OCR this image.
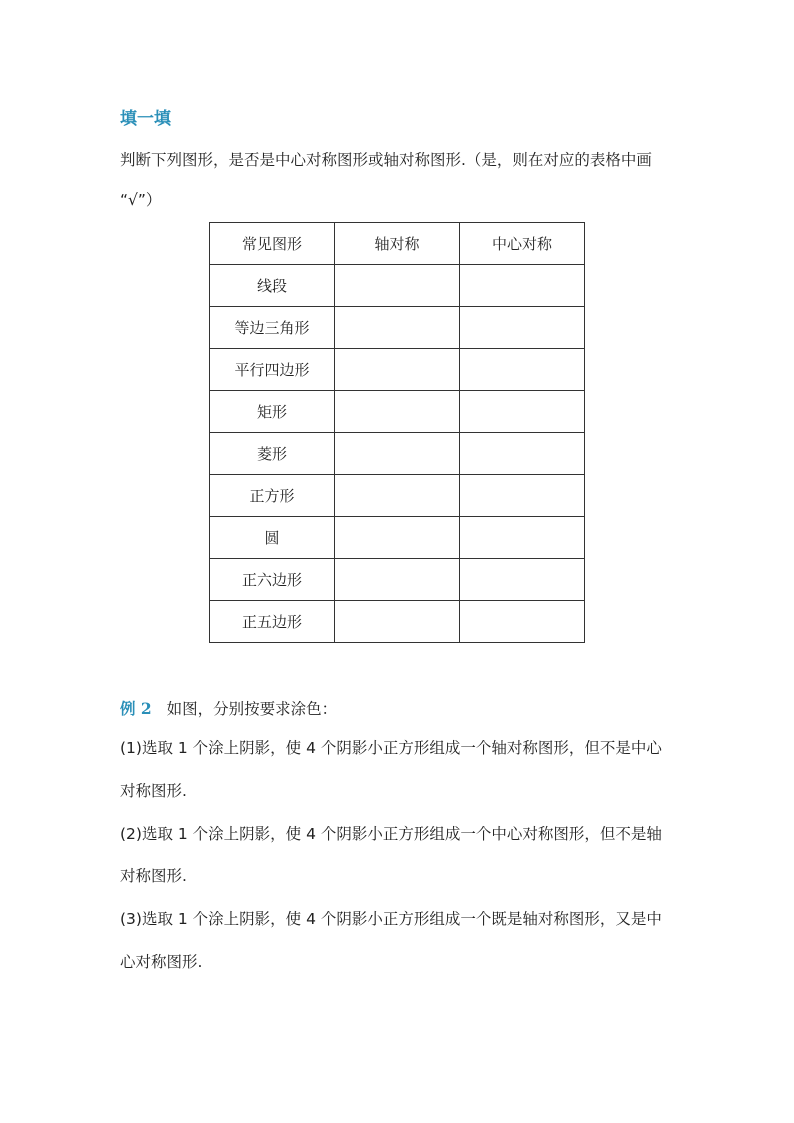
填一填
判断下列图形，是否是中心对称图形或轴对称图形.（是，则在对应的表格中画
“√”）
常见图形	轴对称	中心对称
线段		
等边三角形		
平行四边形		
矩形		
菱形		
正方形		
圆		
正六边形		
正五边形		
例 2 如图，分别按要求涂色：
(1)选取 1 个涂上阴影，使 4 个阴影小正方形组成一个轴对称图形，但不是中心
对称图形.
(2)选取 1 个涂上阴影，使 4 个阴影小正方形组成一个中心对称图形，但不是轴
对称图形.
(3)选取 1 个涂上阴影，使 4 个阴影小正方形组成一个既是轴对称图形，又是中
心对称图形.
